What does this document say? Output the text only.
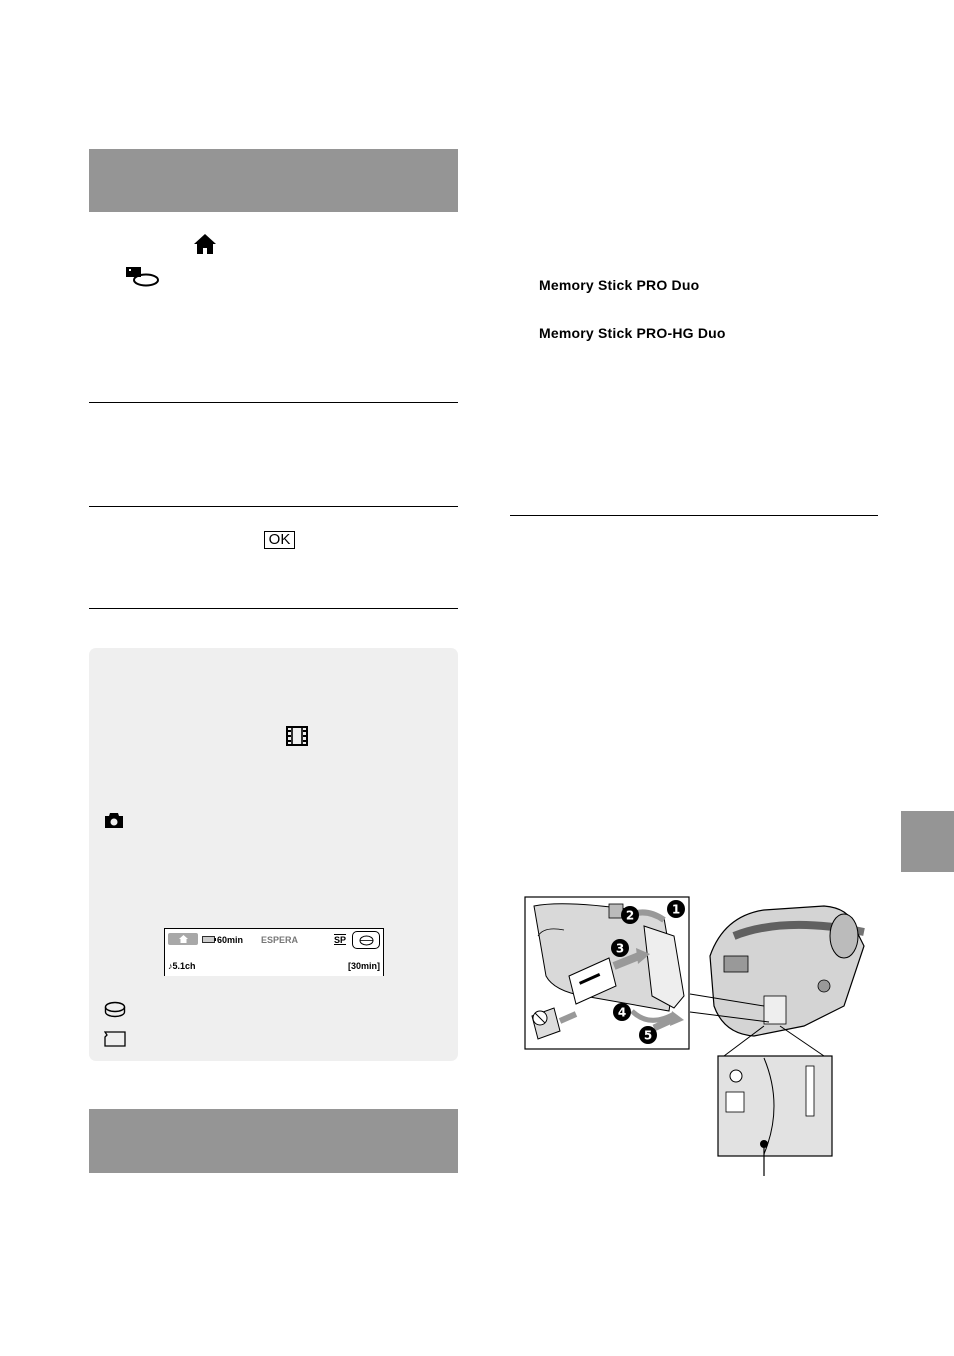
OK
60min ESPERA	SP
♪5.1ch	[30min]
Memory Stick PRO Duo
Memory Stick PRO-HG Duo
1
2
3
4
5
